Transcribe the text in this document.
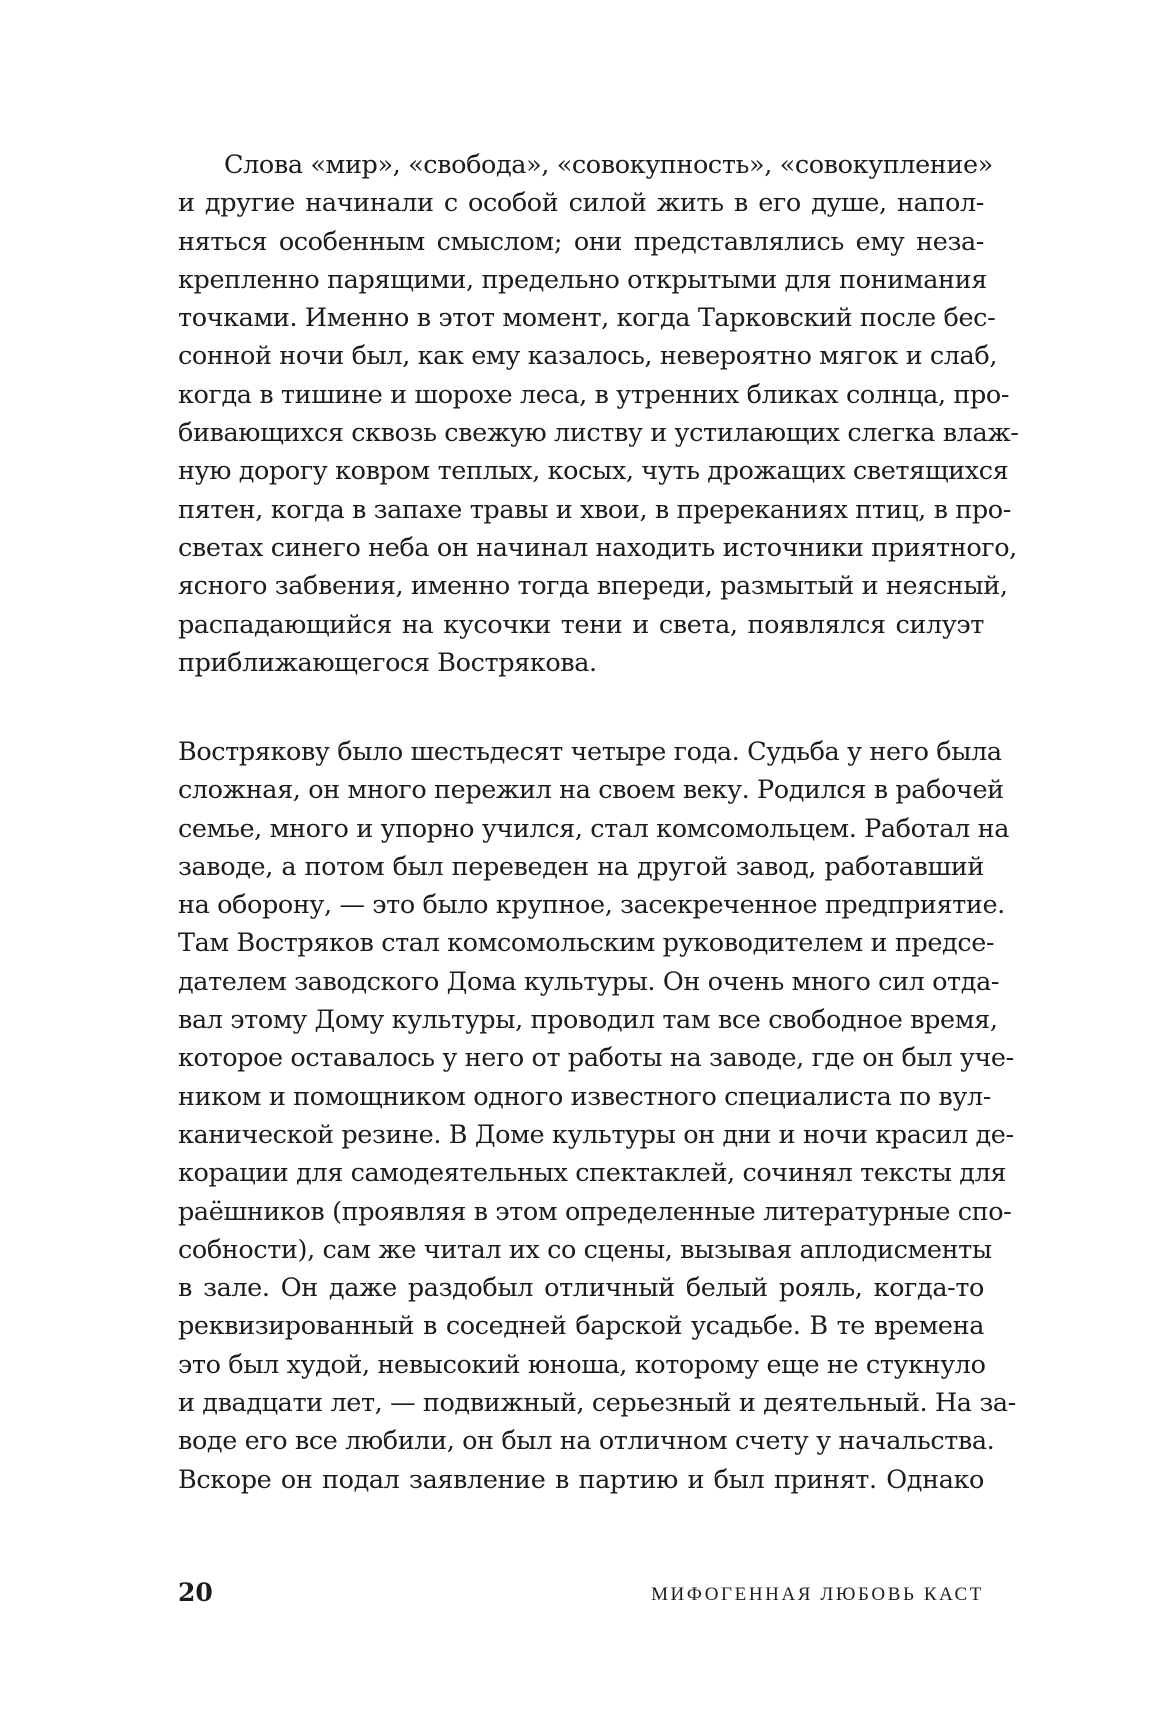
Слова «мир», «свобода», «совокупность», «совокупление»
и другие начинали с особой силой жить в его душе, напол-
няться особенным смыслом; они представлялись ему неза-
крепленно парящими, предельно открытыми для понимания
точками. Именно в этот момент, когда Тарковский после бес-
сонной ночи был, как ему казалось, невероятно мягок и слаб,
когда в тишине и шорохе леса, в утренних бликах солнца, про-
бивающихся сквозь свежую листву и устилающих слегка влаж-
ную дорогу ковром теплых, косых, чуть дрожащих светящихся
пятен, когда в запахе травы и хвои, в пререканиях птиц, в про-
светах синего неба он начинал находить источники приятного,
ясного забвения, именно тогда впереди, размытый и неясный,
распадающийся на кусочки тени и света, появлялся силуэт
приближающегося Вострякова.
Вострякову было шестьдесят четыре года. Судьба у него была
сложная, он много пережил на своем веку. Родился в рабочей
семье, много и упорно учился, стал комсомольцем. Работал на
заводе, а потом был переведен на другой завод, работавший
на оборону, — это было крупное, засекреченное предприятие.
Там Востряков стал комсомольским руководителем и предсе-
дателем заводского Дома культуры. Он очень много сил отда-
вал этому Дому культуры, проводил там все свободное время,
которое оставалось у него от работы на заводе, где он был уче-
ником и помощником одного известного специалиста по вул-
канической резине. В Доме культуры он дни и ночи красил де-
корации для самодеятельных спектаклей, сочинял тексты для
раёшников (проявляя в этом определенные литературные спо-
собности), сам же читал их со сцены, вызывая аплодисменты
в зале. Он даже раздобыл отличный белый рояль, когда-то
реквизированный в соседней барской усадьбе. В те времена
это был худой, невысокий юноша, которому еще не стукнуло
и двадцати лет, — подвижный, серьезный и деятельный. На за-
воде его все любили, он был на отличном счету у начальства.
Вскоре он подал заявление в партию и был принят. Однако
20	МИФОГЕННАЯ ЛЮБОВЬ КАСТ
